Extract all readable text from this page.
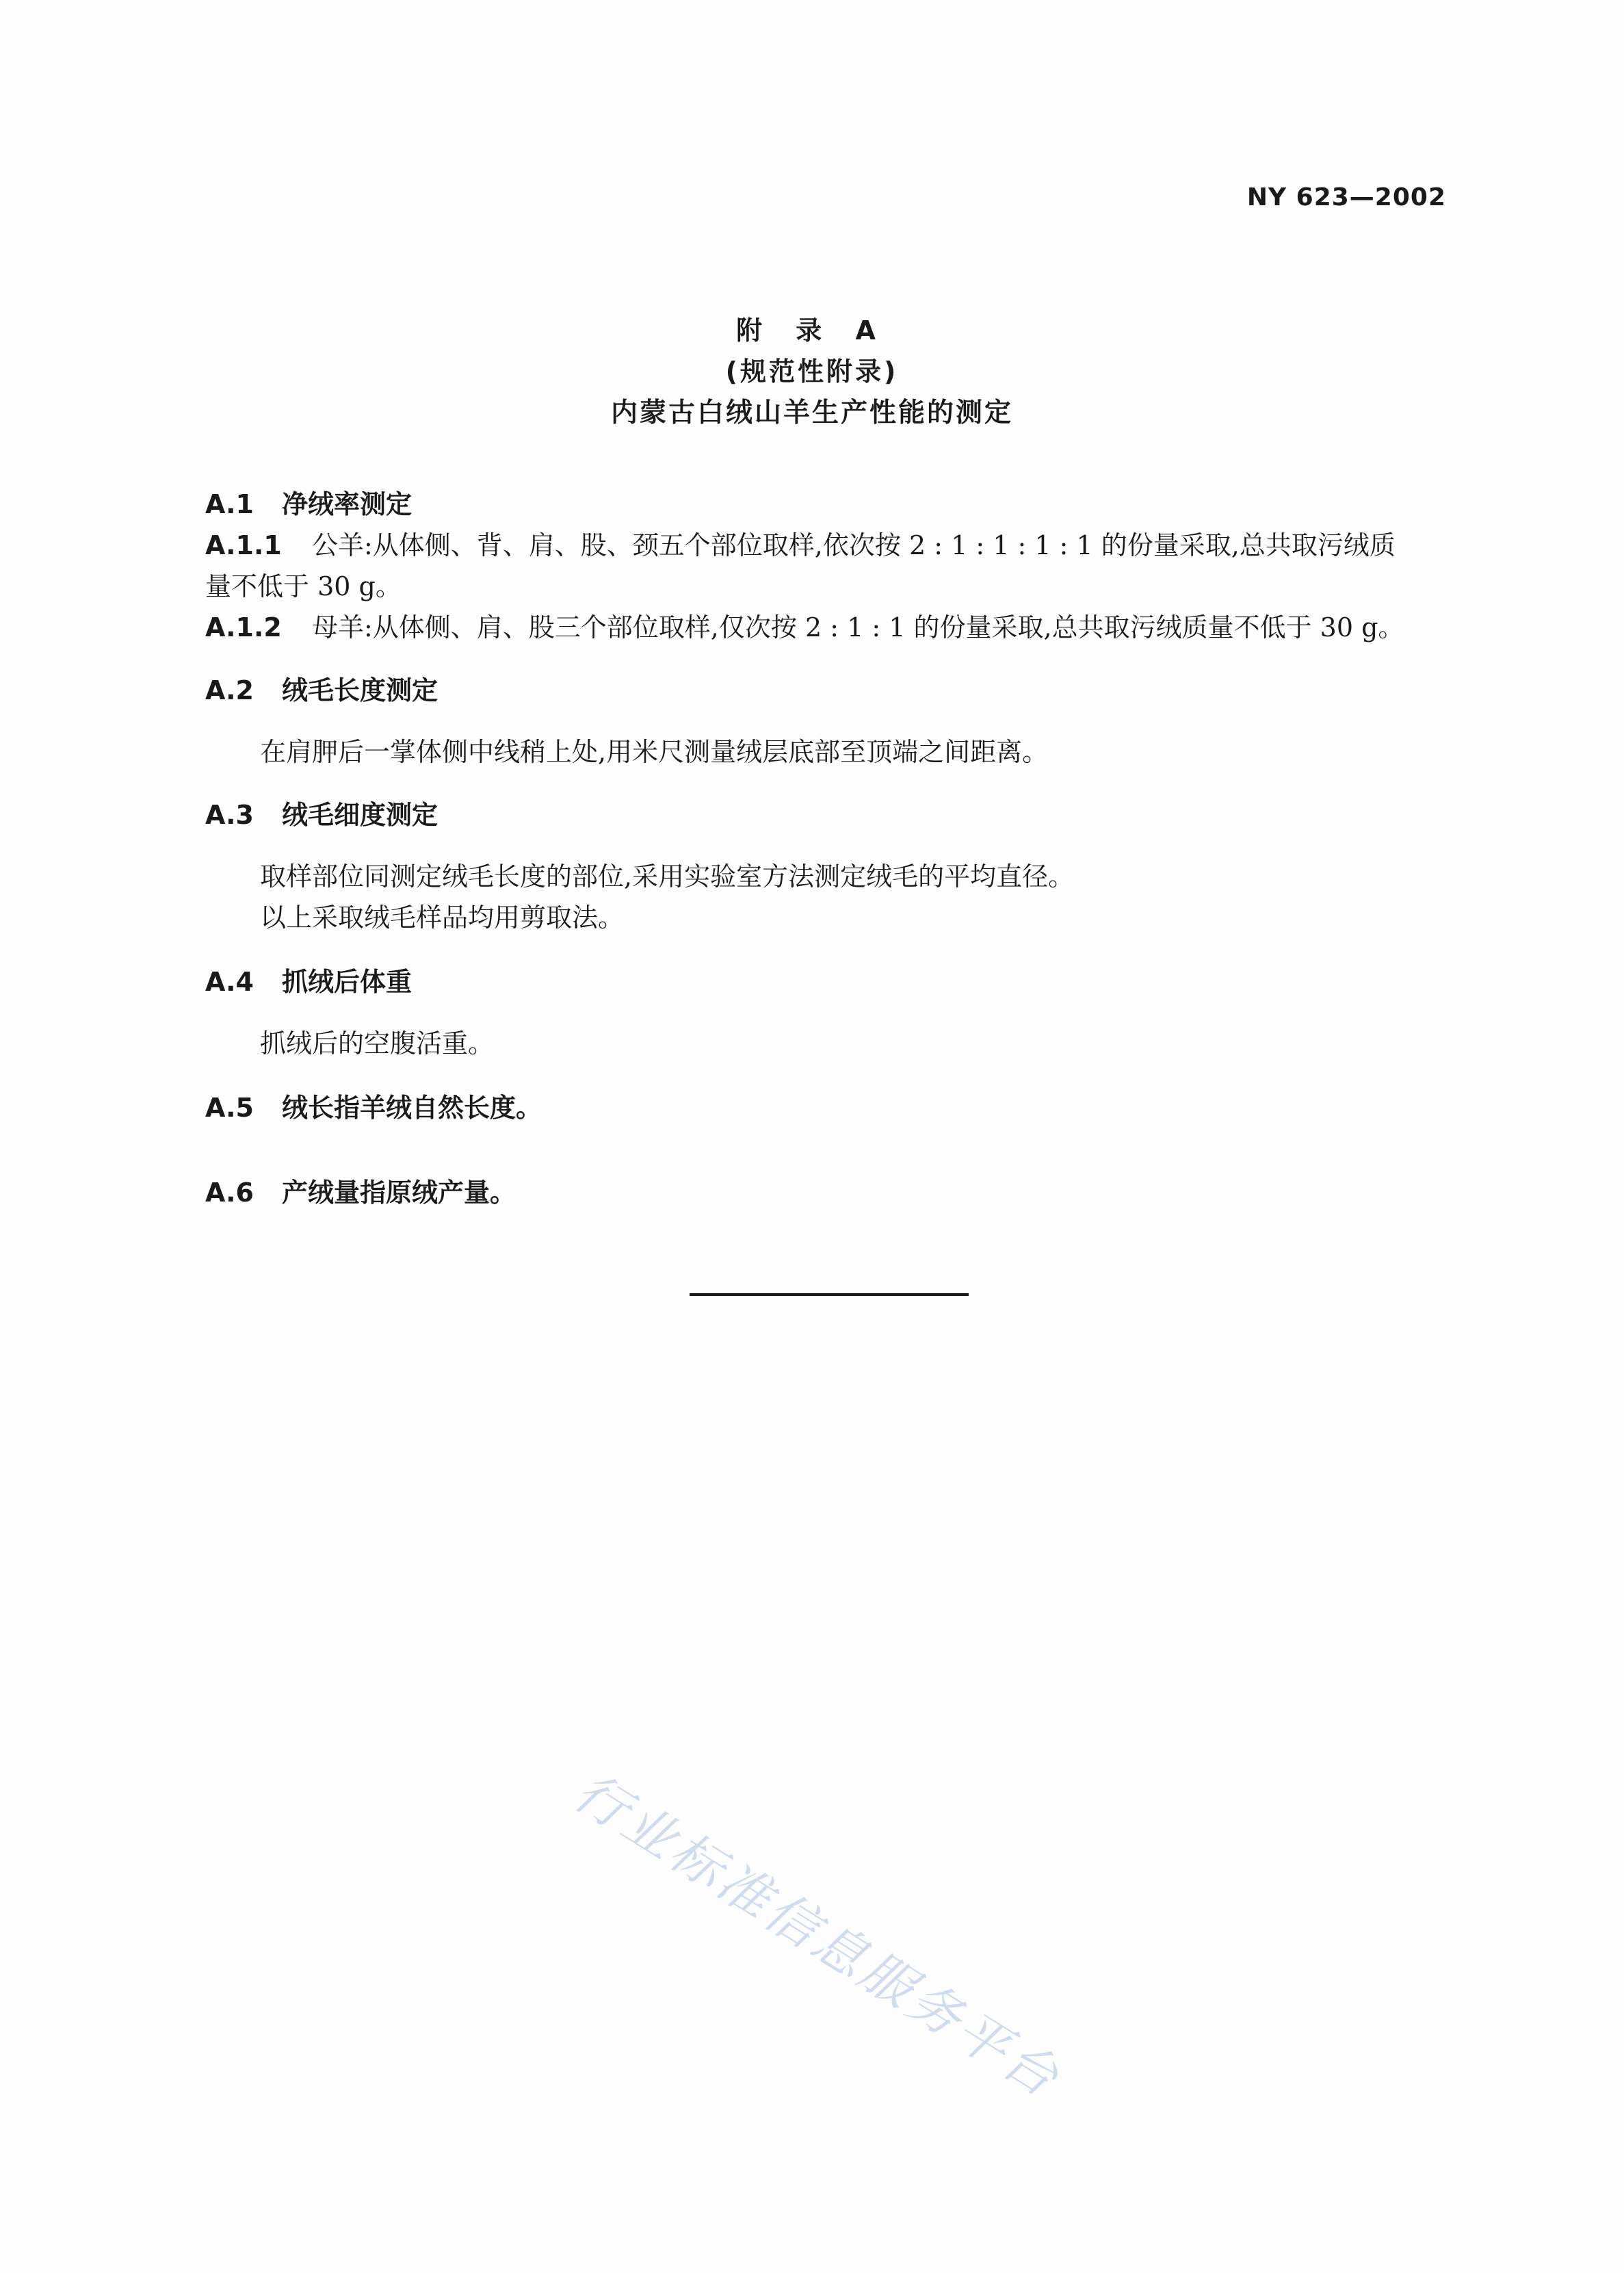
NY 623—2002
附 录 A
(规范性附录)
内蒙古白绒山羊生产性能的测定
A.1 净绒率测定
A.1.1 公羊:从体侧、背、肩、股、颈五个部位取样,依次按 2 : 1 : 1 : 1 : 1 的份量采取,总共取污绒质
量不低于 30 g。
A.1.2 母羊:从体侧、肩、股三个部位取样,仅次按 2 : 1 : 1 的份量采取,总共取污绒质量不低于 30 g。
A.2 绒毛长度测定
在肩胛后一掌体侧中线稍上处,用米尺测量绒层底部至顶端之间距离。
A.3 绒毛细度测定
取样部位同测定绒毛长度的部位,采用实验室方法测定绒毛的平均直径。
以上采取绒毛样品均用剪取法。
A.4 抓绒后体重
抓绒后的空腹活重。
A.5 绒长指羊绒自然长度。
A.6 产绒量指原绒产量。
行业标准信息服务平台
